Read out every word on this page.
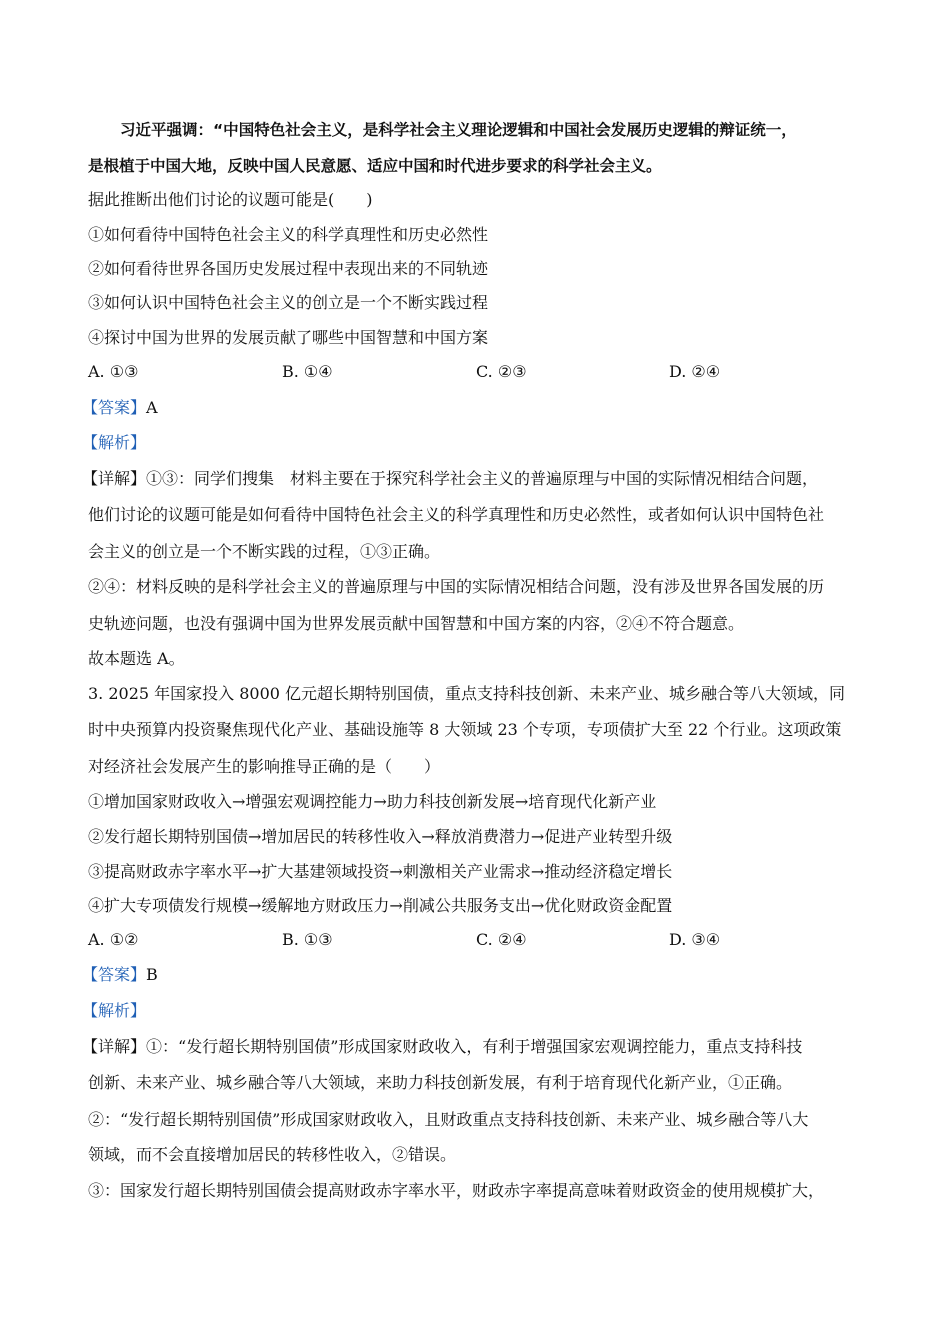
习近平强调：“中国特色社会主义，是科学社会主义理论逻辑和中国社会发展历史逻辑的辩证统一，
是根植于中国大地，反映中国人民意愿、适应中国和时代进步要求的科学社会主义。
据此推断出他们讨论的议题可能是(　　)
①如何看待中国特色社会主义的科学真理性和历史必然性
②如何看待世界各国历史发展过程中表现出来的不同轨迹
③如何认识中国特色社会主义的创立是一个不断实践过程
④探讨中国为世界的发展贡献了哪些中国智慧和中国方案
A. ①③	B. ①④	C. ②③	D. ②④
【答案】A
【解析】
【详解】①③：同学们搜集　材料主要在于探究科学社会主义的普遍原理与中国的实际情况相结合问题，
他们讨论的议题可能是如何看待中国特色社会主义的科学真理性和历史必然性，或者如何认识中国特色社
会主义的创立是一个不断实践的过程，①③正确。
②④：材料反映的是科学社会主义的普遍原理与中国的实际情况相结合问题，没有涉及世界各国发展的历
史轨迹问题，也没有强调中国为世界发展贡献中国智慧和中国方案的内容，②④不符合题意。
故本题选 A。
3. 2025 年国家投入 8000 亿元超长期特别国债，重点支持科技创新、未来产业、城乡融合等八大领域，同
时中央预算内投资聚焦现代化产业、基础设施等 8 大领域 23 个专项，专项债扩大至 22 个行业。这项政策
对经济社会发展产生的影响推导正确的是（　　）
①增加国家财政收入→增强宏观调控能力→助力科技创新发展→培育现代化新产业
②发行超长期特别国债→增加居民的转移性收入→释放消费潜力→促进产业转型升级
③提高财政赤字率水平→扩大基建领域投资→刺激相关产业需求→推动经济稳定增长
④扩大专项债发行规模→缓解地方财政压力→削减公共服务支出→优化财政资金配置
A. ①②	B. ①③	C. ②④	D. ③④
【答案】B
【解析】
【详解】①：“发行超长期特别国债”形成国家财政收入，有利于增强国家宏观调控能力，重点支持科技
创新、未来产业、城乡融合等八大领域，来助力科技创新发展，有利于培育现代化新产业，①正确。
②：“发行超长期特别国债”形成国家财政收入，且财政重点支持科技创新、未来产业、城乡融合等八大
领域，而不会直接增加居民的转移性收入，②错误。
③：国家发行超长期特别国债会提高财政赤字率水平，财政赤字率提高意味着财政资金的使用规模扩大，
